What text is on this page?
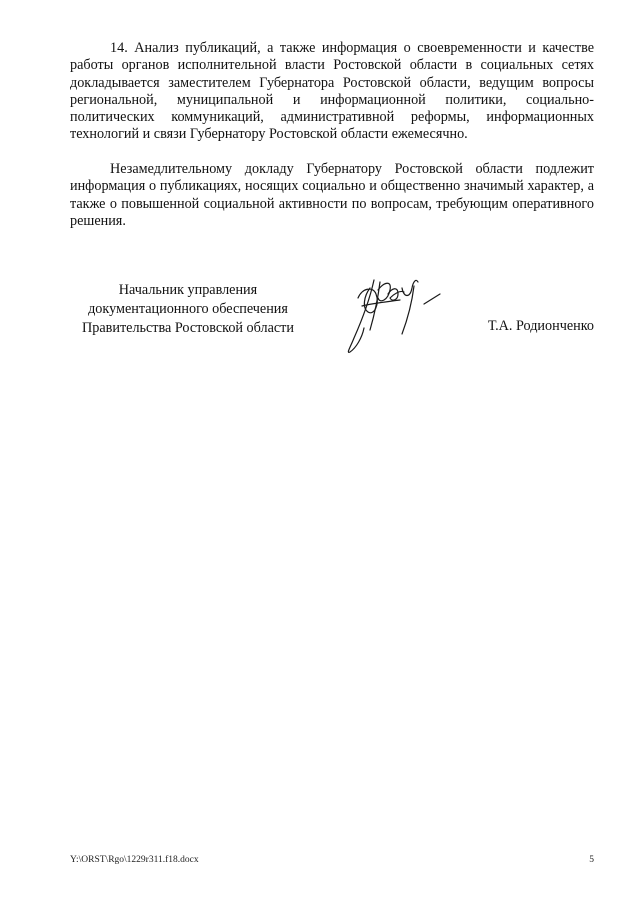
14. Анализ публикаций, а также информация о своевременности и качестве работы органов исполнительной власти Ростовской области в социальных сетях докладывается заместителем Губернатора Ростовской области, ведущим вопросы региональной, муниципальной и информационной политики, социально-политических коммуникаций, административной реформы, информационных технологий и связи Губернатору Ростовской области ежемесячно.

Незамедлительному докладу Губернатору Ростовской области подлежит информация о публикациях, носящих социально и общественно значимый характер, а также о повышенной социальной активности по вопросам, требующим оперативного решения.

Начальник управления
документационного обеспечения
Правительства Ростовской области	Т.А. Родионченко
Y:\ORST\Rgo\1229r311.f18.docx	5
